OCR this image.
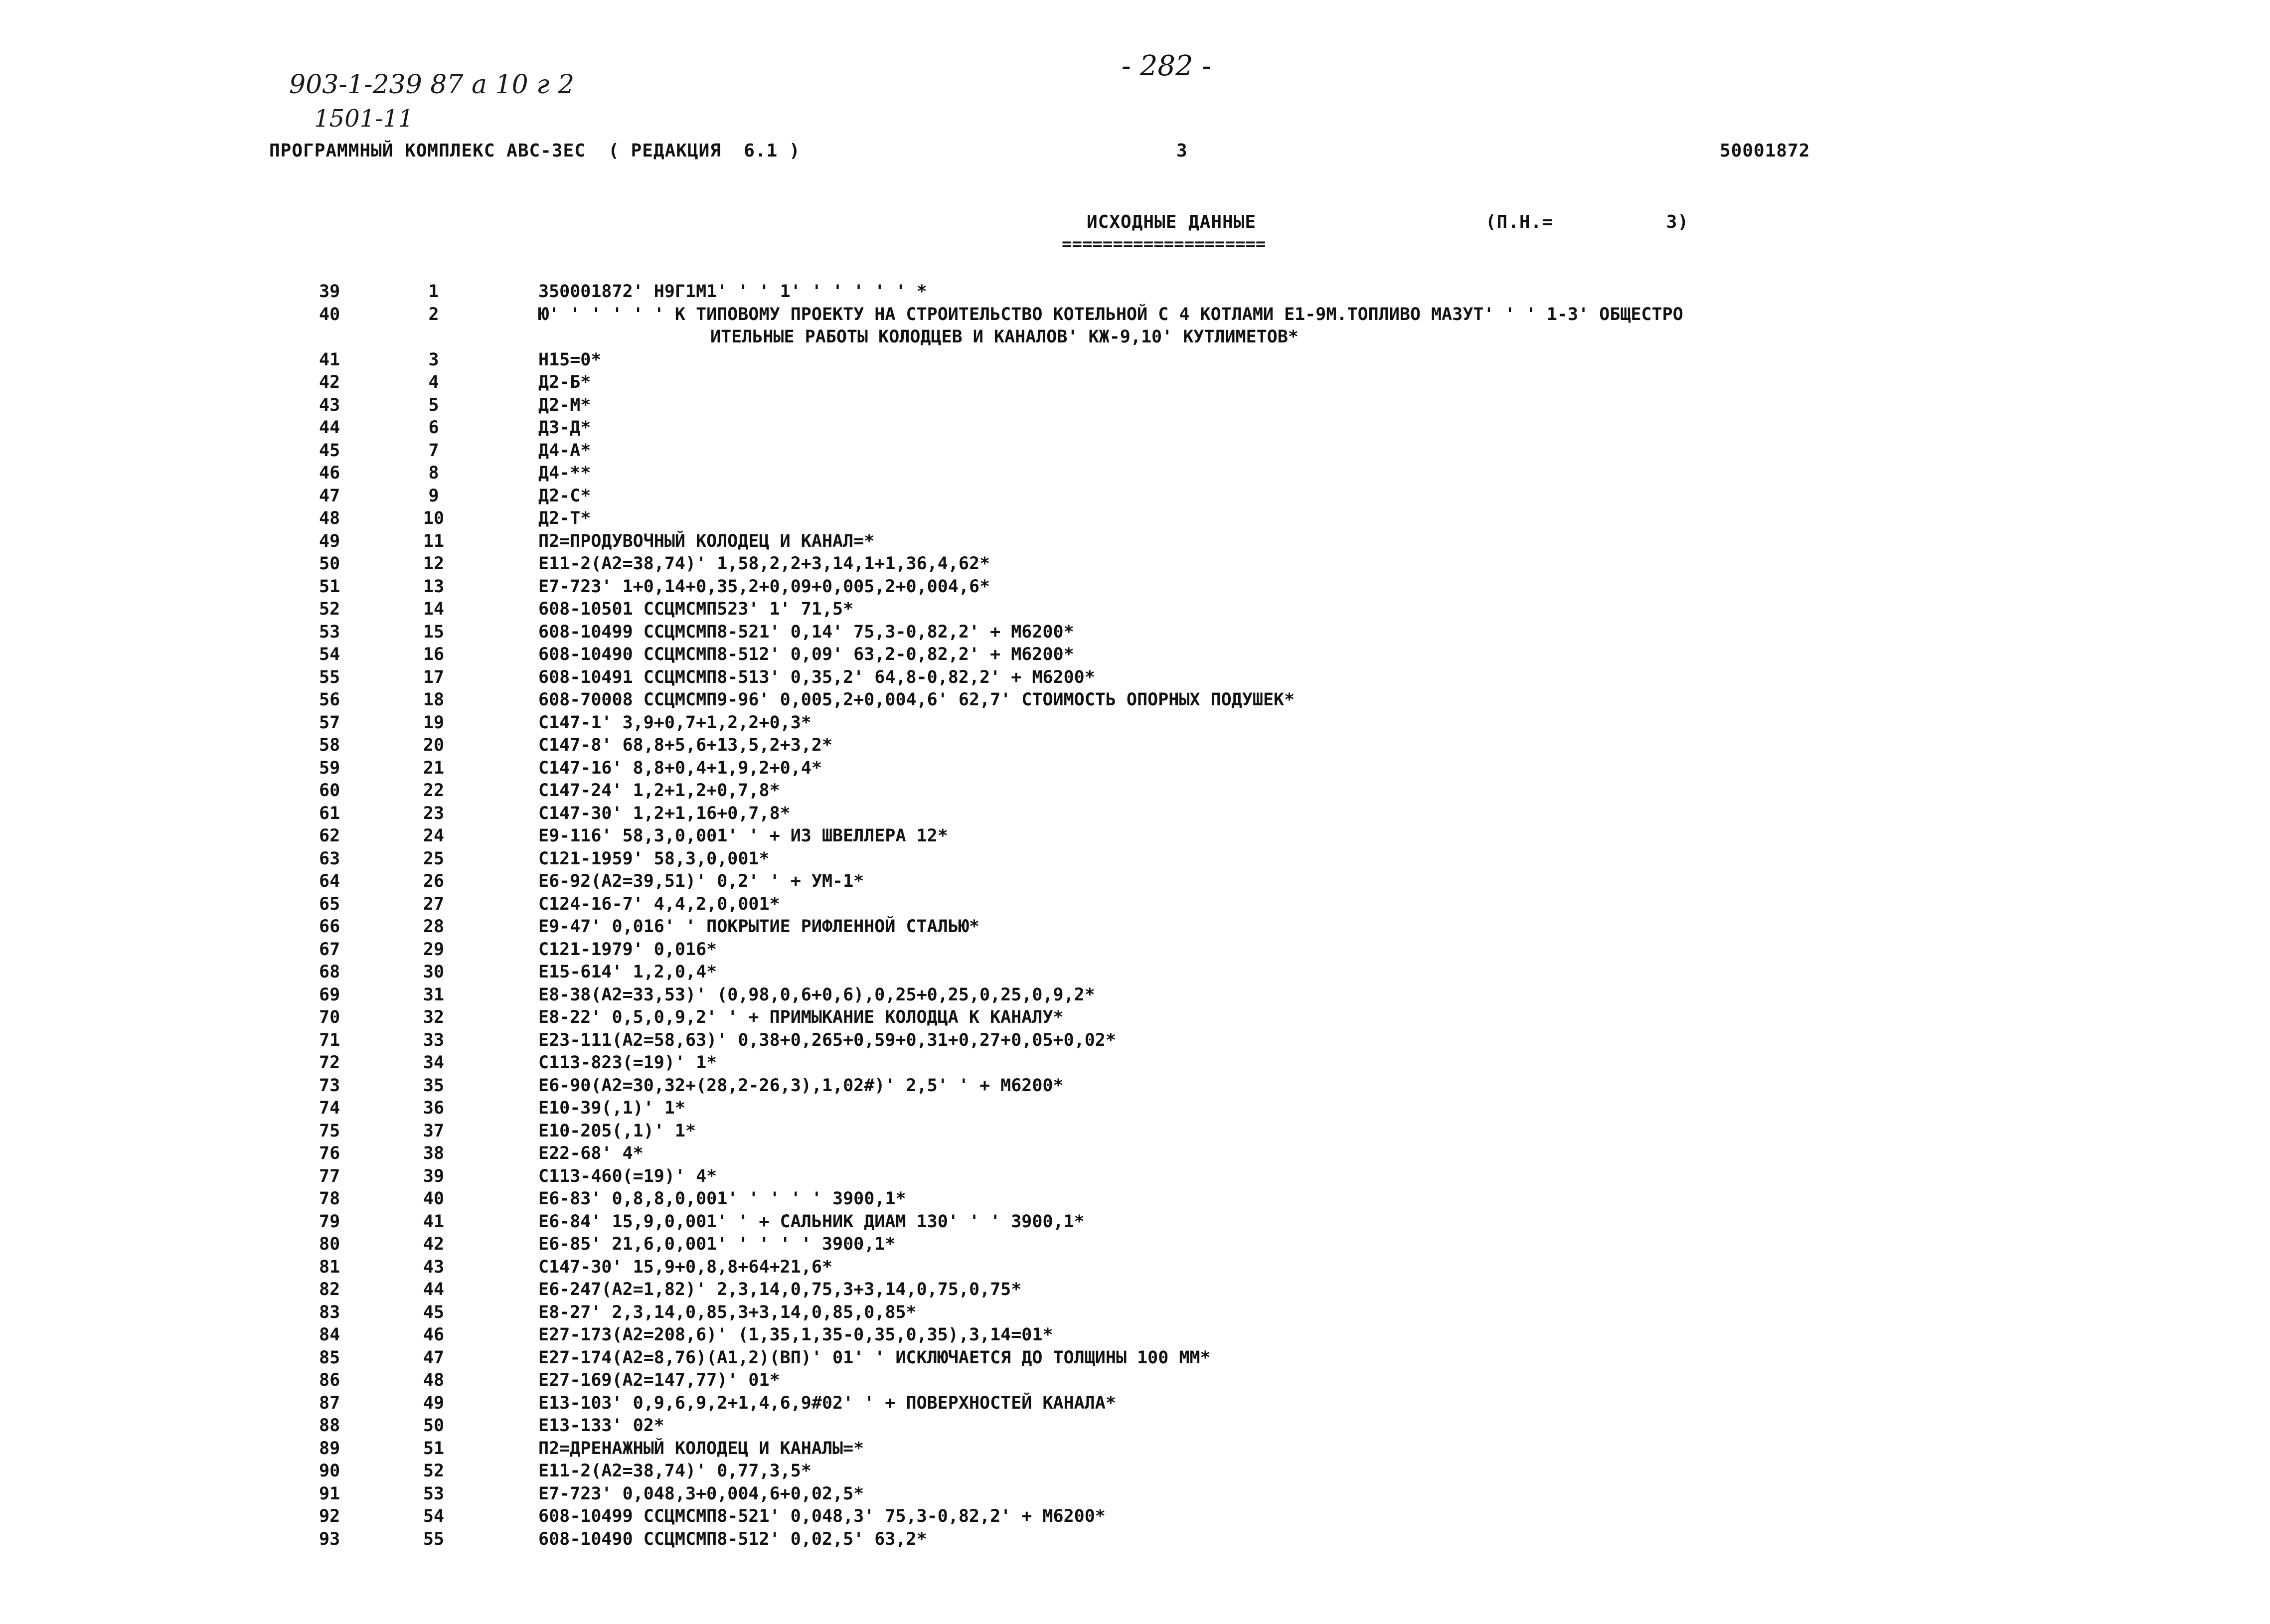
903-1-239 87 а 10 г 2
1501-11
- 282 -
ПРОГРАММНЫЙ КОМПЛЕКС АВС-3ЕС  ( РЕДАКЦИЯ  6.1 )	3	50001872
ИСХОДНЫЕ ДАННЫЕ	(П.Н.=          3)
====================
39	1	350001872' Н9Г1М1' ' ' 1' ' ' ' ' ' *
40	2	Ю' ' ' ' ' ' К ТИПОВОМУ ПРОЕКТУ НА СТРОИТЕЛЬСТВО КОТЕЛЬНОЙ С 4 КОТЛАМИ Е1-9М.ТОПЛИВО МАЗУТ' ' ' 1-3' ОБЩЕСТРО
ИТЕЛЬНЫЕ РАБОТЫ КОЛОДЦЕВ И КАНАЛОВ' КЖ-9,10' КУТЛИМЕТОВ*
41	3	Н15=0*
42	4	Д2-Б*
43	5	Д2-М*
44	6	Д3-Д*
45	7	Д4-А*
46	8	Д4-**
47	9	Д2-С*
48	10	Д2-Т*
49	11	П2=ПРОДУВОЧНЫЙ КОЛОДЕЦ И КАНАЛ=*
50	12	Е11-2(А2=38,74)' 1,58,2,2+3,14,1+1,36,4,62*
51	13	Е7-723' 1+0,14+0,35,2+0,09+0,005,2+0,004,6*
52	14	608-10501 ССЦМСМП523' 1' 71,5*
53	15	608-10499 ССЦМСМП8-521' 0,14' 75,3-0,82,2' + М6200*
54	16	608-10490 ССЦМСМП8-512' 0,09' 63,2-0,82,2' + М6200*
55	17	608-10491 ССЦМСМП8-513' 0,35,2' 64,8-0,82,2' + М6200*
56	18	608-70008 ССЦМСМП9-96' 0,005,2+0,004,6' 62,7' СТОИМОСТЬ ОПОРНЫХ ПОДУШЕК*
57	19	С147-1' 3,9+0,7+1,2,2+0,3*
58	20	С147-8' 68,8+5,6+13,5,2+3,2*
59	21	С147-16' 8,8+0,4+1,9,2+0,4*
60	22	С147-24' 1,2+1,2+0,7,8*
61	23	С147-30' 1,2+1,16+0,7,8*
62	24	Е9-116' 58,3,0,001' ' + ИЗ ШВЕЛЛЕРА 12*
63	25	С121-1959' 58,3,0,001*
64	26	Е6-92(А2=39,51)' 0,2' ' + УМ-1*
65	27	С124-16-7' 4,4,2,0,001*
66	28	Е9-47' 0,016' ' ПОКРЫТИЕ РИФЛЕННОЙ СТАЛЬЮ*
67	29	С121-1979' 0,016*
68	30	Е15-614' 1,2,0,4*
69	31	Е8-38(А2=33,53)' (0,98,0,6+0,6),0,25+0,25,0,25,0,9,2*
70	32	Е8-22' 0,5,0,9,2' ' + ПРИМЫКАНИЕ КОЛОДЦА К КАНАЛУ*
71	33	Е23-111(А2=58,63)' 0,38+0,265+0,59+0,31+0,27+0,05+0,02*
72	34	С113-823(=19)' 1*
73	35	Е6-90(А2=30,32+(28,2-26,3),1,02#)' 2,5' ' + М6200*
74	36	Е10-39(,1)' 1*
75	37	Е10-205(,1)' 1*
76	38	Е22-68' 4*
77	39	С113-460(=19)' 4*
78	40	Е6-83' 0,8,8,0,001' ' ' ' ' 3900,1*
79	41	Е6-84' 15,9,0,001' ' + САЛЬНИК ДИАМ 130' ' ' 3900,1*
80	42	Е6-85' 21,6,0,001' ' ' ' ' 3900,1*
81	43	С147-30' 15,9+0,8,8+64+21,6*
82	44	Е6-247(А2=1,82)' 2,3,14,0,75,3+3,14,0,75,0,75*
83	45	Е8-27' 2,3,14,0,85,3+3,14,0,85,0,85*
84	46	Е27-173(А2=208,6)' (1,35,1,35-0,35,0,35),3,14=01*
85	47	Е27-174(А2=8,76)(А1,2)(ВП)' 01' ' ИСКЛЮЧАЕТСЯ ДО ТОЛЩИНЫ 100 ММ*
86	48	Е27-169(А2=147,77)' 01*
87	49	Е13-103' 0,9,6,9,2+1,4,6,9#02' ' + ПОВЕРХНОСТЕЙ КАНАЛА*
88	50	Е13-133' 02*
89	51	П2=ДРЕНАЖНЫЙ КОЛОДЕЦ И КАНАЛЫ=*
90	52	Е11-2(А2=38,74)' 0,77,3,5*
91	53	Е7-723' 0,048,3+0,004,6+0,02,5*
92	54	608-10499 ССЦМСМП8-521' 0,048,3' 75,3-0,82,2' + М6200*
93	55	608-10490 ССЦМСМП8-512' 0,02,5' 63,2*
